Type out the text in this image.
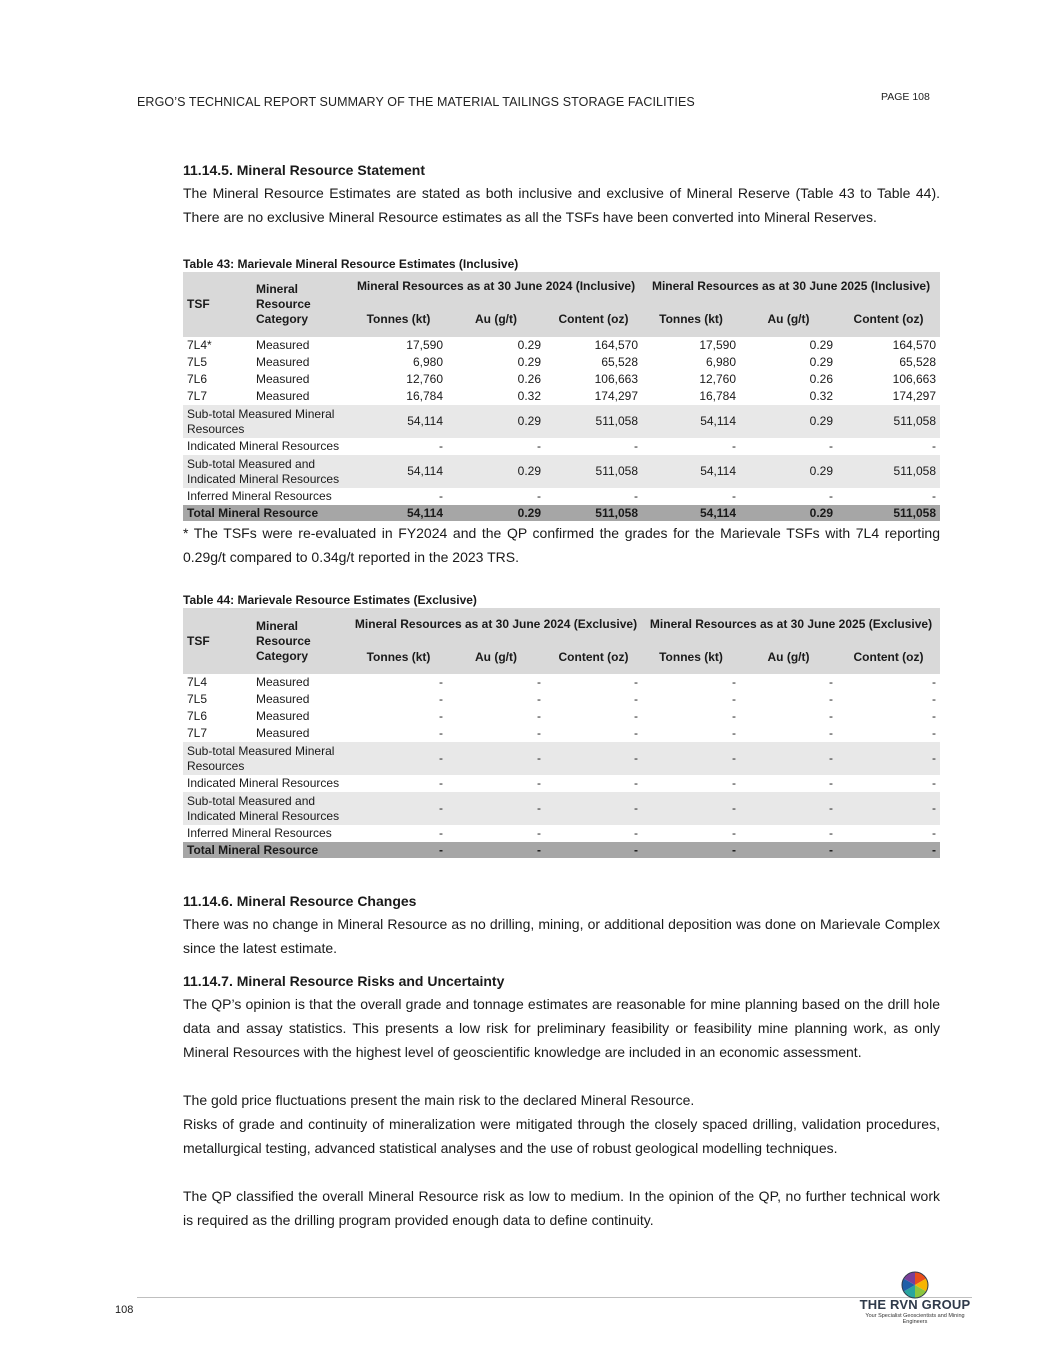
ERGO’S TECHNICAL REPORT SUMMARY OF THE MATERIAL TAILINGS STORAGE FACILITIES	PAGE 108

11.14.5. Mineral Resource Statement

The Mineral Resource Estimates are stated as both inclusive and exclusive of Mineral Reserve (Table 43 to Table 44). There are no exclusive Mineral Resource estimates as all the TSFs have been converted into Mineral Reserves.

Table 43: Marievale Mineral Resource Estimates (Inclusive)

TSF	Mineral Resource Category	Mineral Resources as at 30 June 2024 (Inclusive)			Mineral Resources as at 30 June 2025 (Inclusive)		
		Tonnes (kt)	Au (g/t)	Content (oz)	Tonnes (kt)	Au (g/t)	Content (oz)
7L4*	Measured	17,590	0.29	164,570	17,590	0.29	164,570
7L5	Measured	6,980	0.29	65,528	6,980	0.29	65,528
7L6	Measured	12,760	0.26	106,663	12,760	0.26	106,663
7L7	Measured	16,784	0.32	174,297	16,784	0.32	174,297
Sub-total Measured Mineral Resources		54,114	0.29	511,058	54,114	0.29	511,058
Indicated Mineral Resources		-	-	-	-	-	-
Sub-total Measured and Indicated Mineral Resources		54,114	0.29	511,058	54,114	0.29	511,058
Inferred Mineral Resources		-	-	-	-	-	-
Total Mineral Resource		54,114	0.29	511,058	54,114	0.29	511,058

* The TSFs were re-evaluated in FY2024 and the QP confirmed the grades for the Marievale TSFs with 7L4 reporting 0.29g/t compared to 0.34g/t reported in the 2023 TRS.

Table 44: Marievale Resource Estimates (Exclusive)

TSF	Mineral Resource Category	Mineral Resources as at 30 June 2024 (Exclusive)			Mineral Resources as at 30 June 2025 (Exclusive)		
		Tonnes (kt)	Au (g/t)	Content (oz)	Tonnes (kt)	Au (g/t)	Content (oz)
7L4	Measured	-	-	-	-	-	-
7L5	Measured	-	-	-	-	-	-
7L6	Measured	-	-	-	-	-	-
7L7	Measured	-	-	-	-	-	-
Sub-total Measured Mineral Resources		-	-	-	-	-	-
Indicated Mineral Resources		-	-	-	-	-	-
Sub-total Measured and Indicated Mineral Resources		-	-	-	-	-	-
Inferred Mineral Resources		-	-	-	-	-	-
Total Mineral Resource		-	-	-	-	-	-

11.14.6. Mineral Resource Changes

There was no change in Mineral Resource as no drilling, mining, or additional deposition was done on Marievale Complex since the latest estimate.

11.14.7. Mineral Resource Risks and Uncertainty

The QP’s opinion is that the overall grade and tonnage estimates are reasonable for mine planning based on the drill hole data and assay statistics. This presents a low risk for preliminary feasibility or feasibility mine planning work, as only Mineral Resources with the highest level of geoscientific knowledge are included in an economic assessment.

The gold price fluctuations present the main risk to the declared Mineral Resource.

Risks of grade and continuity of mineralization were mitigated through the closely spaced drilling, validation procedures, metallurgical testing, advanced statistical analyses and the use of robust geological modelling techniques.

The QP classified the overall Mineral Resource risk as low to medium. In the opinion of the QP, no further technical work is required as the drilling program provided enough data to define continuity.

108	THE RVN GROUP
Your Specialist Geoscientists and Mining Engineers
